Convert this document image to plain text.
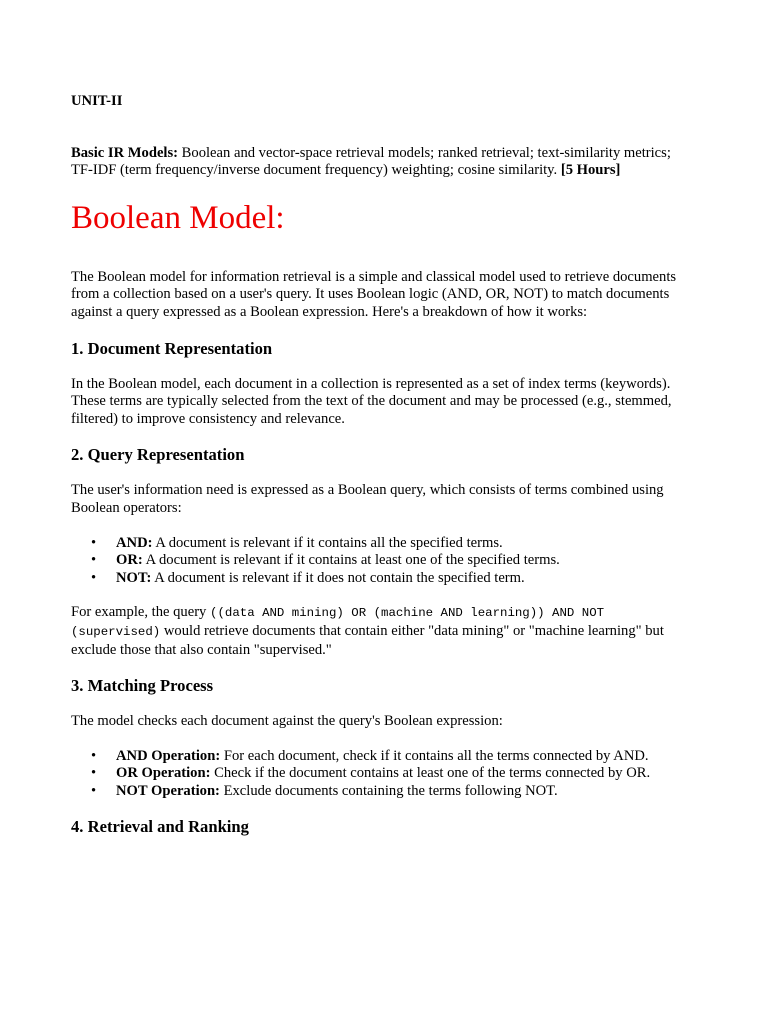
UNIT-II

Basic IR Models: Boolean and vector-space retrieval models; ranked retrieval; text-similarity metrics; TF-IDF (term frequency/inverse document frequency) weighting; cosine similarity. [5 Hours]

Boolean Model:

The Boolean model for information retrieval is a simple and classical model used to retrieve documents from a collection based on a user's query. It uses Boolean logic (AND, OR, NOT) to match documents against a query expressed as a Boolean expression. Here's a breakdown of how it works:

1. Document Representation

In the Boolean model, each document in a collection is represented as a set of index terms (keywords). These terms are typically selected from the text of the document and may be processed (e.g., stemmed, filtered) to improve consistency and relevance.

2. Query Representation

The user's information need is expressed as a Boolean query, which consists of terms combined using Boolean operators:

• AND: A document is relevant if it contains all the specified terms.
• OR: A document is relevant if it contains at least one of the specified terms.
• NOT: A document is relevant if it does not contain the specified term.

For example, the query ((data AND mining) OR (machine AND learning)) AND NOT (supervised) would retrieve documents that contain either "data mining" or "machine learning" but exclude those that also contain "supervised."

3. Matching Process

The model checks each document against the query's Boolean expression:

• AND Operation: For each document, check if it contains all the terms connected by AND.
• OR Operation: Check if the document contains at least one of the terms connected by OR.
• NOT Operation: Exclude documents containing the terms following NOT.
4. Retrieval and Ranking
